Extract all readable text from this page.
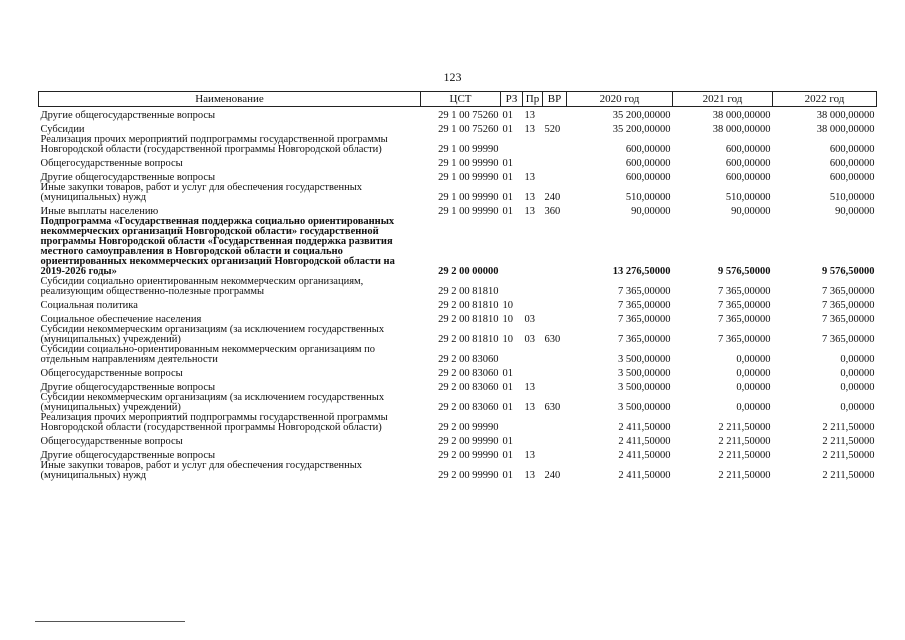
123
Наименование	ЦСТ	РЗ	Пр	ВР	2020 год	2021 год	2022 год
Другие общегосударственные вопросы	29 1 00 75260	01	13		35 200,00000	38 000,00000	38 000,00000
Субсидии	29 1 00 75260	01	13	520	35 200,00000	38 000,00000	38 000,00000
Реализация прочих мероприятий подпрограммы государственной программы Новгородской области (государственной программы Новгородской области)	29 1 00 99990				600,00000	600,00000	600,00000
Общегосударственные вопросы	29 1 00 99990	01			600,00000	600,00000	600,00000
Другие общегосударственные вопросы	29 1 00 99990	01	13		600,00000	600,00000	600,00000
Иные закупки товаров, работ и услуг для обеспечения государственных (муниципальных) нужд	29 1 00 99990	01	13	240	510,00000	510,00000	510,00000
Иные выплаты населению	29 1 00 99990	01	13	360	90,00000	90,00000	90,00000
Подпрограмма «Государственная поддержка социально ориентированных некоммерческих организаций Новгородской области» государственной программы Новгородской области «Государственная поддержка развития местного самоуправления в Новгородской области и социально ориентированных некоммерческих организаций Новгородской области на 2019-2026 годы»	29 2 00 00000				13 276,50000	9 576,50000	9 576,50000
Субсидии социально ориентированным некоммерческим организациям, реализующим общественно-полезные программы	29 2 00 81810				7 365,00000	7 365,00000	7 365,00000
Социальная политика	29 2 00 81810	10			7 365,00000	7 365,00000	7 365,00000
Социальное обеспечение населения	29 2 00 81810	10	03		7 365,00000	7 365,00000	7 365,00000
Субсидии некоммерческим организациям (за исключением государственных (муниципальных) учреждений)	29 2 00 81810	10	03	630	7 365,00000	7 365,00000	7 365,00000
Субсидии социально-ориентированным некоммерческим организациям по отдельным направлениям деятельности	29 2 00 83060				3 500,00000	0,00000	0,00000
Общегосударственные вопросы	29 2 00 83060	01			3 500,00000	0,00000	0,00000
Другие общегосударственные вопросы	29 2 00 83060	01	13		3 500,00000	0,00000	0,00000
Субсидии некоммерческим организациям (за исключением государственных (муниципальных) учреждений)	29 2 00 83060	01	13	630	3 500,00000	0,00000	0,00000
Реализация прочих мероприятий подпрограммы государственной программы Новгородской области (государственной программы Новгородской области)	29 2 00 99990				2 411,50000	2 211,50000	2 211,50000
Общегосударственные вопросы	29 2 00 99990	01			2 411,50000	2 211,50000	2 211,50000
Другие общегосударственные вопросы	29 2 00 99990	01	13		2 411,50000	2 211,50000	2 211,50000
Иные закупки товаров, работ и услуг для обеспечения государственных (муниципальных) нужд	29 2 00 99990	01	13	240	2 411,50000	2 211,50000	2 211,50000
